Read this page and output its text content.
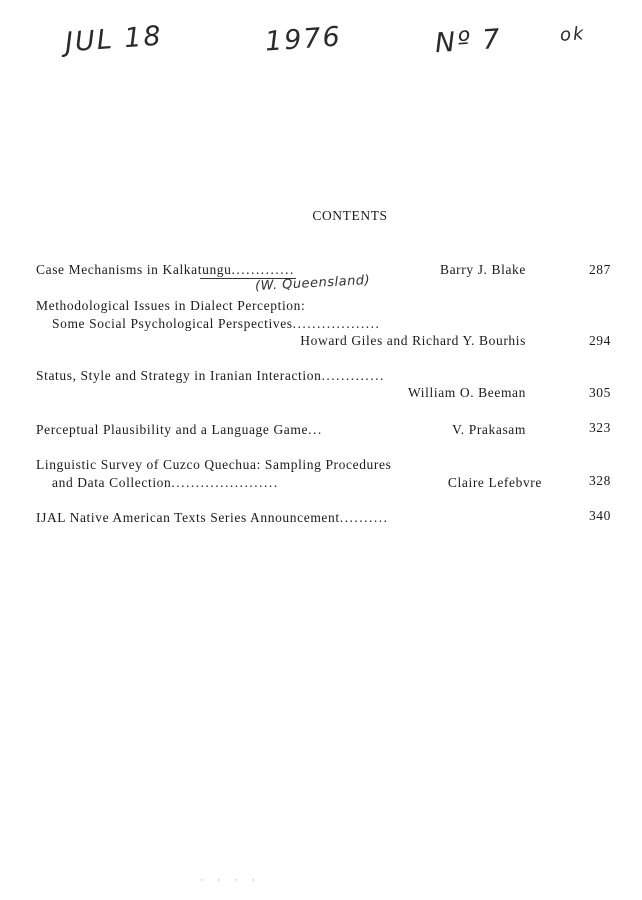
JUL 18	1976	Nº 7	ok
CONTENTS
Case Mechanisms in Kalkatungu.............	Barry J. Blake	287
(W. Queensland)
Methodological Issues in Dialect Perception:
Some Social Psychological Perspectives..................
Howard Giles and Richard Y. Bourhis	294
Status, Style and Strategy in Iranian Interaction.............
William O. Beeman	305
Perceptual Plausibility and a Language Game...	V. Prakasam	323
Linguistic Survey of Cuzco Quechua: Sampling Procedures
and Data Collection......................	Claire Lefebvre	328
IJAL Native American Texts Series Announcement..........	340
· · · ·
